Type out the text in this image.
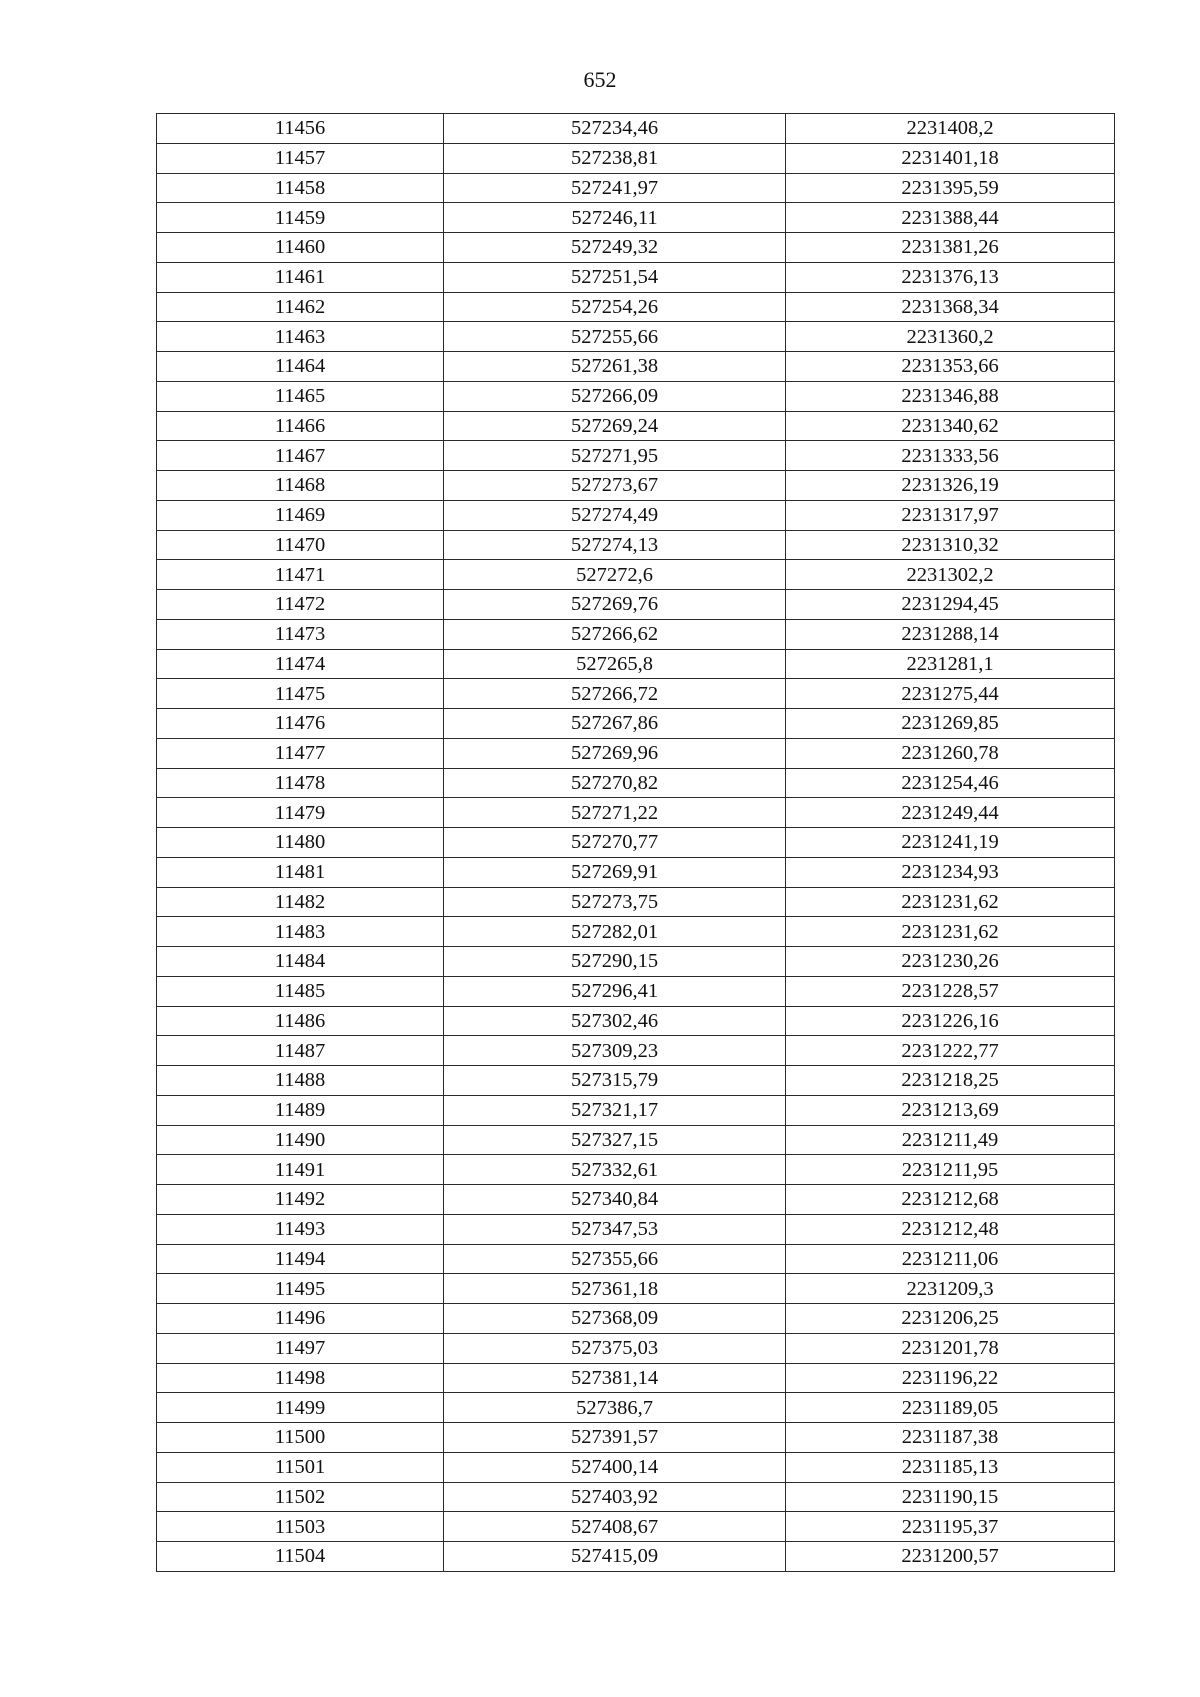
652
11456	527234,46	2231408,2
11457	527238,81	2231401,18
11458	527241,97	2231395,59
11459	527246,11	2231388,44
11460	527249,32	2231381,26
11461	527251,54	2231376,13
11462	527254,26	2231368,34
11463	527255,66	2231360,2
11464	527261,38	2231353,66
11465	527266,09	2231346,88
11466	527269,24	2231340,62
11467	527271,95	2231333,56
11468	527273,67	2231326,19
11469	527274,49	2231317,97
11470	527274,13	2231310,32
11471	527272,6	2231302,2
11472	527269,76	2231294,45
11473	527266,62	2231288,14
11474	527265,8	2231281,1
11475	527266,72	2231275,44
11476	527267,86	2231269,85
11477	527269,96	2231260,78
11478	527270,82	2231254,46
11479	527271,22	2231249,44
11480	527270,77	2231241,19
11481	527269,91	2231234,93
11482	527273,75	2231231,62
11483	527282,01	2231231,62
11484	527290,15	2231230,26
11485	527296,41	2231228,57
11486	527302,46	2231226,16
11487	527309,23	2231222,77
11488	527315,79	2231218,25
11489	527321,17	2231213,69
11490	527327,15	2231211,49
11491	527332,61	2231211,95
11492	527340,84	2231212,68
11493	527347,53	2231212,48
11494	527355,66	2231211,06
11495	527361,18	2231209,3
11496	527368,09	2231206,25
11497	527375,03	2231201,78
11498	527381,14	2231196,22
11499	527386,7	2231189,05
11500	527391,57	2231187,38
11501	527400,14	2231185,13
11502	527403,92	2231190,15
11503	527408,67	2231195,37
11504	527415,09	2231200,57
